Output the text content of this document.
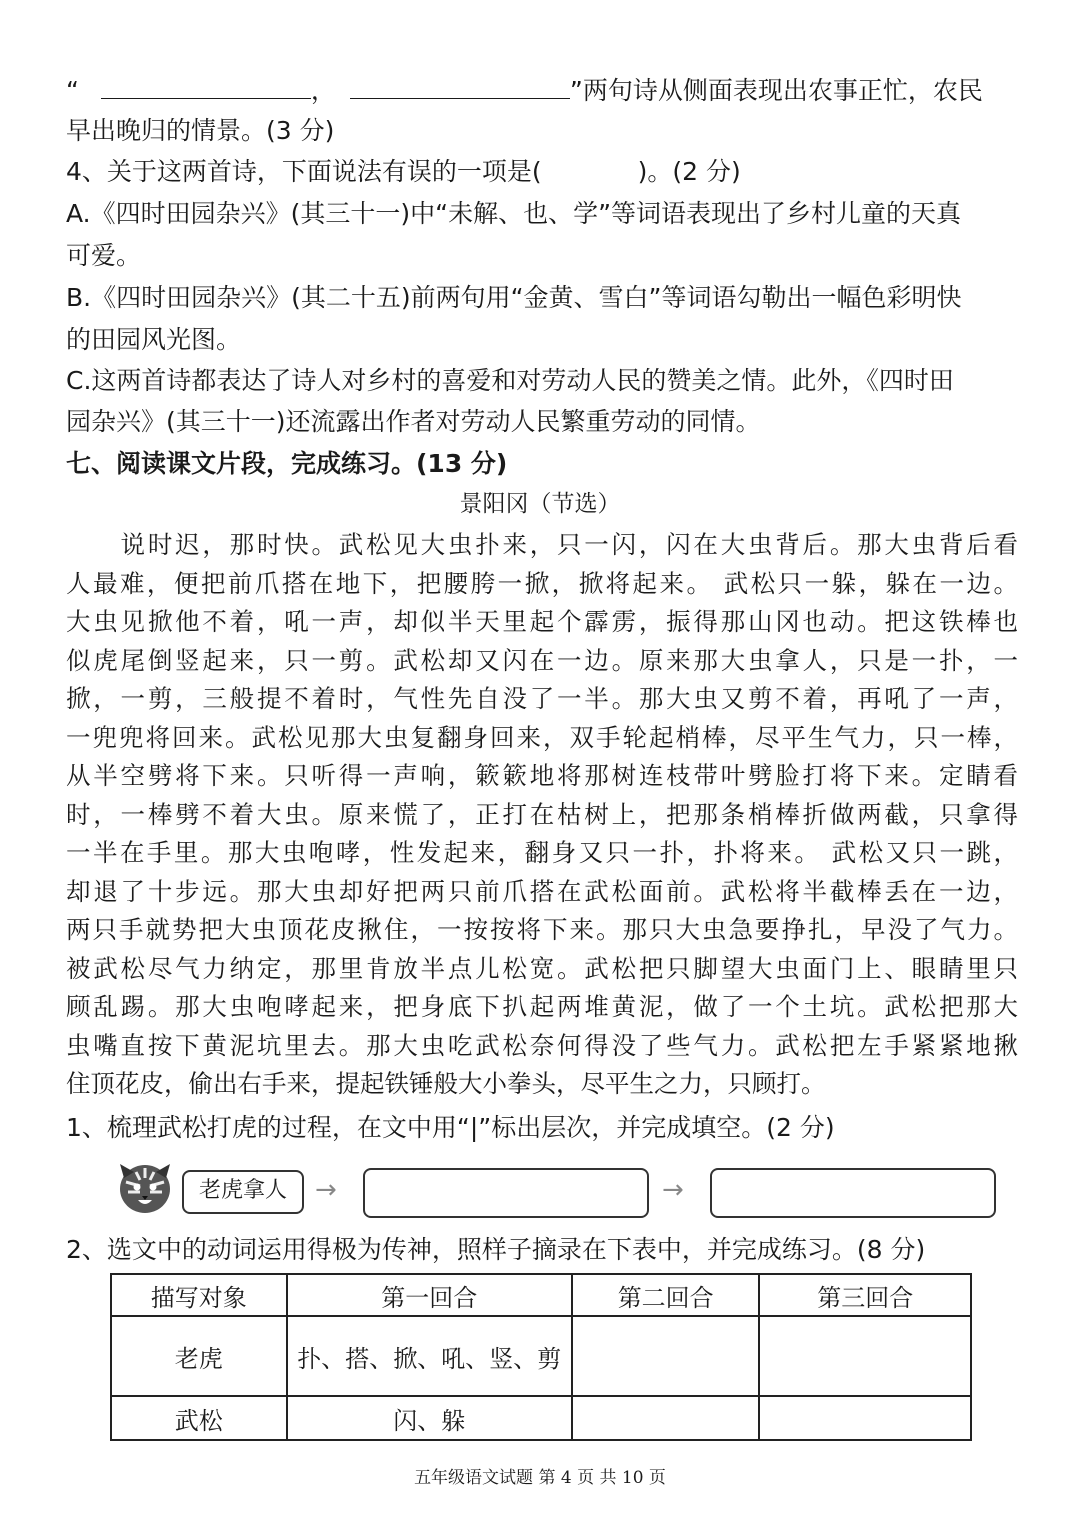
“	，	”两句诗从侧面表现出农事正忙，农民
早出晚归的情景。(3 分)
4、关于这两首诗，下面说法有误的一项是(	)。(2 分)
A.《四时田园杂兴》(其三十一)中“未解、也、学”等词语表现出了乡村儿童的天真
可爱。
B.《四时田园杂兴》(其二十五)前两句用“金黄、雪白”等词语勾勒出一幅色彩明快
的田园风光图。
C.这两首诗都表达了诗人对乡村的喜爱和对劳动人民的赞美之情。此外，《四时田
园杂兴》(其三十一)还流露出作者对劳动人民繁重劳动的同情。
七、阅读课文片段，完成练习。(13 分)
景阳冈（节选）
　　说时迟，那时快。武松见大虫扑来，只一闪，闪在大虫背后。那大虫背后看
人最难，便把前爪搭在地下，把腰胯一掀，掀将起来。 武松只一躲，躲在一边。
大虫见掀他不着，吼一声，却似半天里起个霹雳，振得那山冈也动。把这铁棒也
似虎尾倒竖起来，只一剪。武松却又闪在一边。原来那大虫拿人，只是一扑，一
掀，一剪，三般提不着时，气性先自没了一半。那大虫又剪不着，再吼了一声，
一兜兜将回来。武松见那大虫复翻身回来，双手轮起梢棒，尽平生气力，只一棒，
从半空劈将下来。只听得一声响，簌簌地将那树连枝带叶劈脸打将下来。定睛看
时，一棒劈不着大虫。原来慌了，正打在枯树上，把那条梢棒折做两截，只拿得
一半在手里。那大虫咆哮，性发起来，翻身又只一扑，扑将来。 武松又只一跳，
却退了十步远。那大虫却好把两只前爪搭在武松面前。武松将半截棒丢在一边，
两只手就势把大虫顶花皮揪住，一按按将下来。那只大虫急要挣扎，早没了气力。
被武松尽气力纳定，那里肯放半点儿松宽。武松把只脚望大虫面门上、眼睛里只
顾乱踢。那大虫咆哮起来，把身底下扒起两堆黄泥，做了一个土坑。武松把那大
虫嘴直按下黄泥坑里去。那大虫吃武松奈何得没了些气力。武松把左手紧紧地揪
住顶花皮，偷出右手来，提起铁锤般大小拳头，尽平生之力，只顾打。
1、梳理武松打虎的过程，在文中用“|”标出层次，并完成填空。(2 分)
老虎拿人	→	→
2、选文中的动词运用得极为传神，照样子摘录在下表中，并完成练习。(8 分)
描写对象	第一回合	第二回合	第三回合
老虎	扑、搭、掀、吼、竖、剪		
武松	闪、躲		
五年级语文试题 第 4 页 共 10 页
